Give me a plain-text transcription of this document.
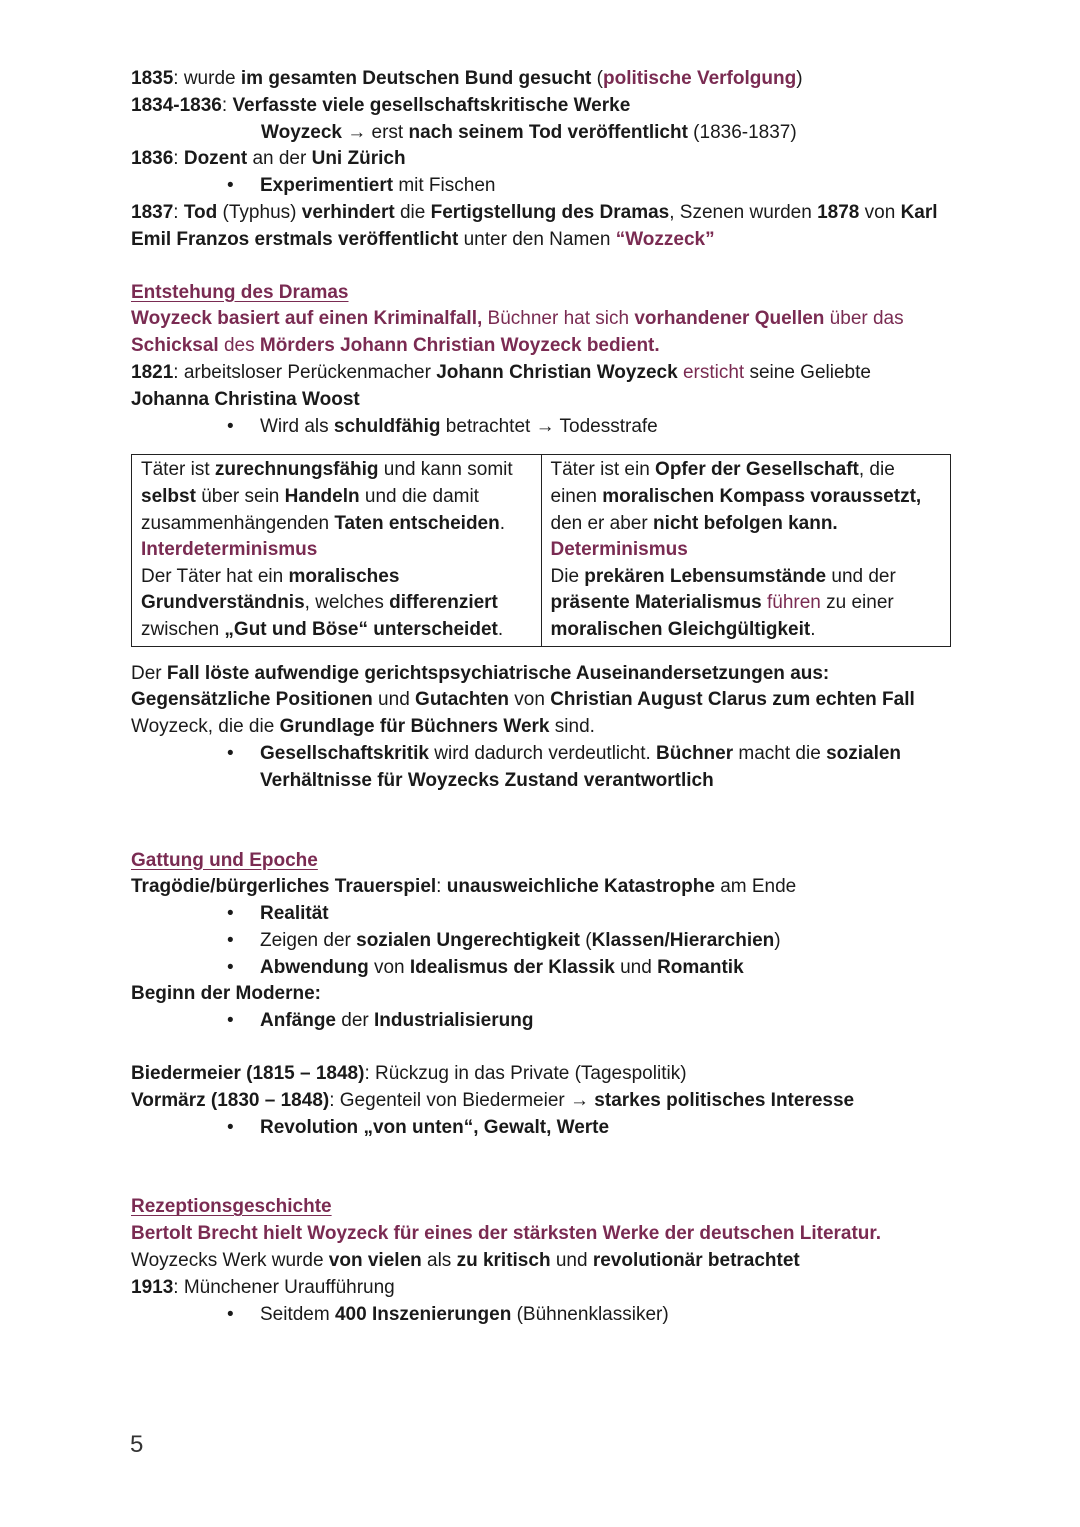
1835: wurde im gesamten Deutschen Bund gesucht (politische Verfolgung)
1834-1836: Verfasste viele gesellschaftskritische Werke
Woyzeck → erst nach seinem Tod veröffentlicht (1836-1837)
1836: Dozent an der Uni Zürich
• Experimentiert mit Fischen
1837: Tod (Typhus) verhindert die Fertigstellung des Dramas, Szenen wurden 1878 von Karl
Emil Franzos erstmals veröffentlicht unter den Namen “Wozzeck”
Entstehung des Dramas
Woyzeck basiert auf einen Kriminalfall, Büchner hat sich vorhandener Quellen über das
Schicksal des Mörders Johann Christian Woyzeck bedient.
1821: arbeitsloser Perückenmacher Johann Christian Woyzeck ersticht seine Geliebte
Johanna Christina Woost
• Wird als schuldfähig betrachtet → Todesstrafe
Täter ist zurechnungsfähig und kann somit selbst über sein Handeln und die damit zusammenhängenden Taten entscheiden.
Interdeterminismus
Der Täter hat ein moralisches Grundverständnis, welches differenziert zwischen „Gut und Böse“ unterscheidet.

Täter ist ein Opfer der Gesellschaft, die einen moralischen Kompass voraussetzt, den er aber nicht befolgen kann.
Determinismus
Die prekären Lebensumstände und der präsente Materialismus führen zu einer moralischen Gleichgültigkeit.
Der Fall löste aufwendige gerichtspsychiatrische Auseinandersetzungen aus:
Gegensätzliche Positionen und Gutachten von Christian August Clarus zum echten Fall
Woyzeck, die die Grundlage für Büchners Werk sind.
• Gesellschaftskritik wird dadurch verdeutlicht. Büchner macht die sozialen Verhältnisse für Woyzecks Zustand verantwortlich
Gattung und Epoche
Tragödie/bürgerliches Trauerspiel: unausweichliche Katastrophe am Ende
• Realität
• Zeigen der sozialen Ungerechtigkeit (Klassen/Hierarchien)
• Abwendung von Idealismus der Klassik und Romantik
Beginn der Moderne:
• Anfänge der Industrialisierung
Biedermeier (1815 – 1848): Rückzug in das Private (Tagespolitik)
Vormärz (1830 – 1848): Gegenteil von Biedermeier → starkes politisches Interesse
• Revolution „von unten“, Gewalt, Werte
Rezeptionsgeschichte
Bertolt Brecht hielt Woyzeck für eines der stärksten Werke der deutschen Literatur.
Woyzecks Werk wurde von vielen als zu kritisch und revolutionär betrachtet
1913: Münchener Uraufführung
• Seitdem 400 Inszenierungen (Bühnenklassiker)
5
